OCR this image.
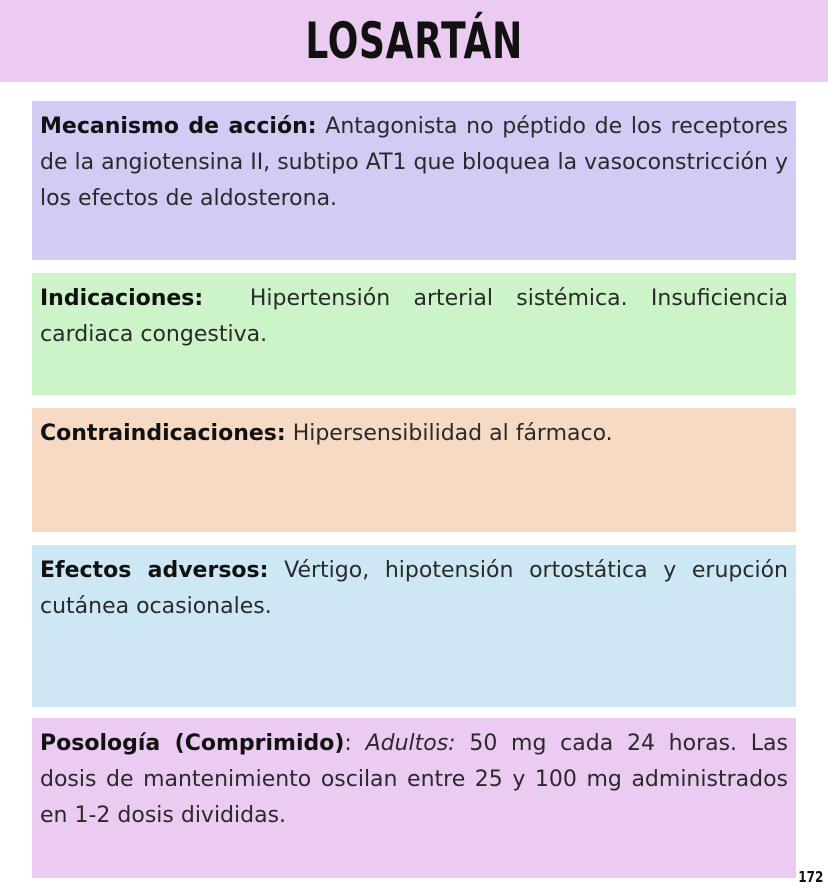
LOSARTÁN

Mecanismo de acción: Antagonista no péptido de los receptores de la angiotensina II, subtipo AT1 que bloquea la vasoconstricción y los efectos de aldosterona.

Indicaciones: Hipertensión arterial sistémica. Insuficiencia cardiaca congestiva.

Contraindicaciones: Hipersensibilidad al fármaco.

Efectos adversos: Vértigo, hipotensión ortostática y erupción cutánea ocasionales.

Posología (Comprimido): Adultos: 50 mg cada 24 horas. Las dosis de mantenimiento oscilan entre 25 y 100 mg administrados en 1-2 dosis divididas.

172
